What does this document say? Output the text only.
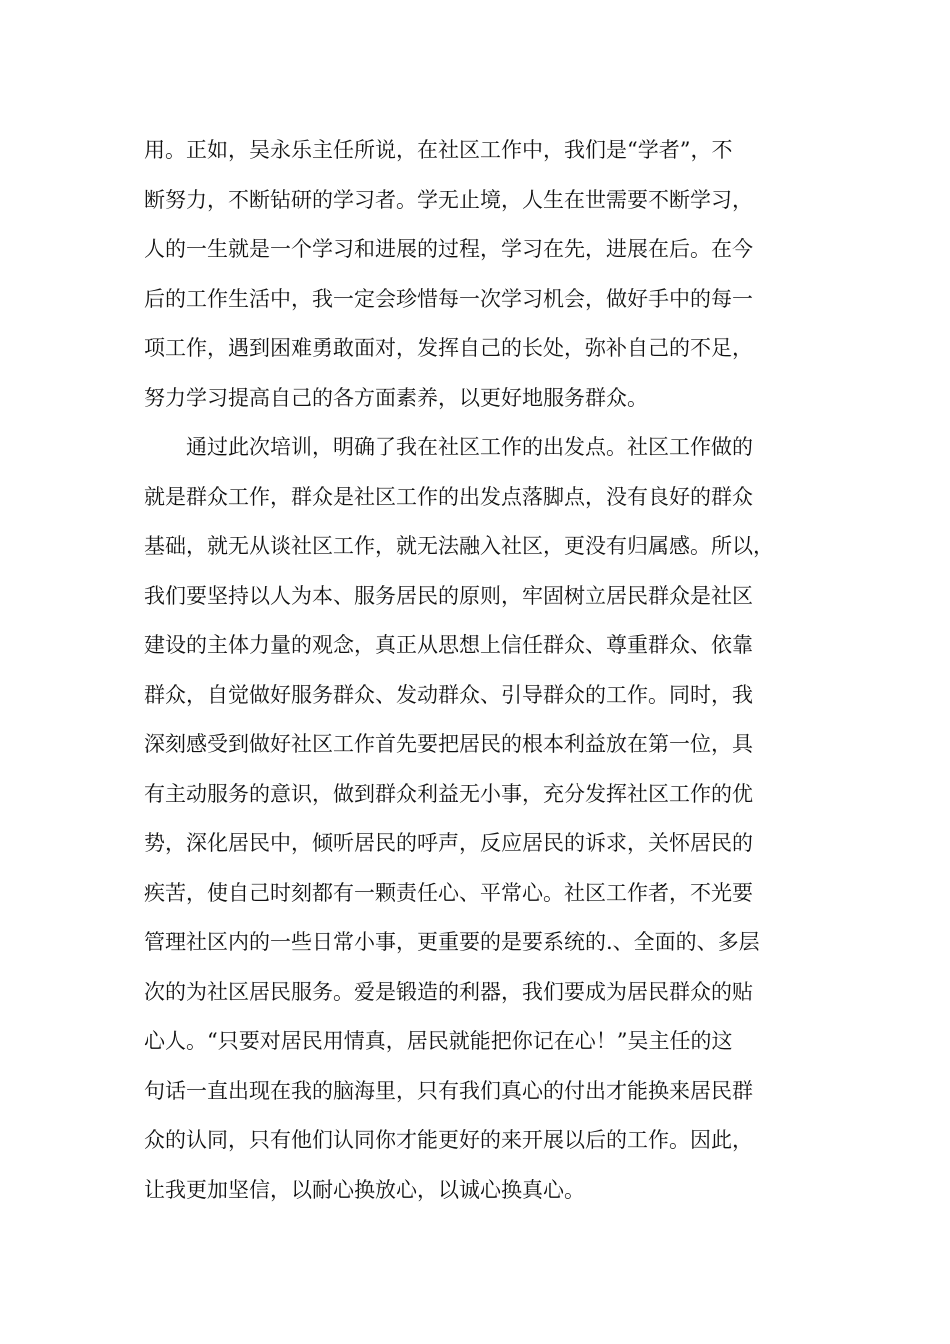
用。正如，吴永乐主任所说，在社区工作中，我们是“学者”，不
断努力，不断钻研的学习者。学无止境，人生在世需要不断学习，
人的一生就是一个学习和进展的过程，学习在先，进展在后。在今
后的工作生活中，我一定会珍惜每一次学习机会，做好手中的每一
项工作，遇到困难勇敢面对，发挥自己的长处，弥补自己的不足，
努力学习提高自己的各方面素养，以更好地服务群众。
　　通过此次培训，明确了我在社区工作的出发点。社区工作做的
就是群众工作，群众是社区工作的出发点落脚点，没有良好的群众
基础，就无从谈社区工作，就无法融入社区，更没有归属感。所以，
我们要坚持以人为本、服务居民的原则，牢固树立居民群众是社区
建设的主体力量的观念，真正从思想上信任群众、尊重群众、依靠
群众，自觉做好服务群众、发动群众、引导群众的工作。同时，我
深刻感受到做好社区工作首先要把居民的根本利益放在第一位，具
有主动服务的意识，做到群众利益无小事，充分发挥社区工作的优
势，深化居民中，倾听居民的呼声，反应居民的诉求，关怀居民的
疾苦，使自己时刻都有一颗责任心、平常心。社区工作者，不光要
管理社区内的一些日常小事，更重要的是要系统的.、全面的、多层
次的为社区居民服务。爱是锻造的利器，我们要成为居民群众的贴
心人。“只要对居民用情真，居民就能把你记在心！”吴主任的这
句话一直出现在我的脑海里，只有我们真心的付出才能换来居民群
众的认同，只有他们认同你才能更好的来开展以后的工作。因此，
让我更加坚信，以耐心换放心，以诚心换真心。
